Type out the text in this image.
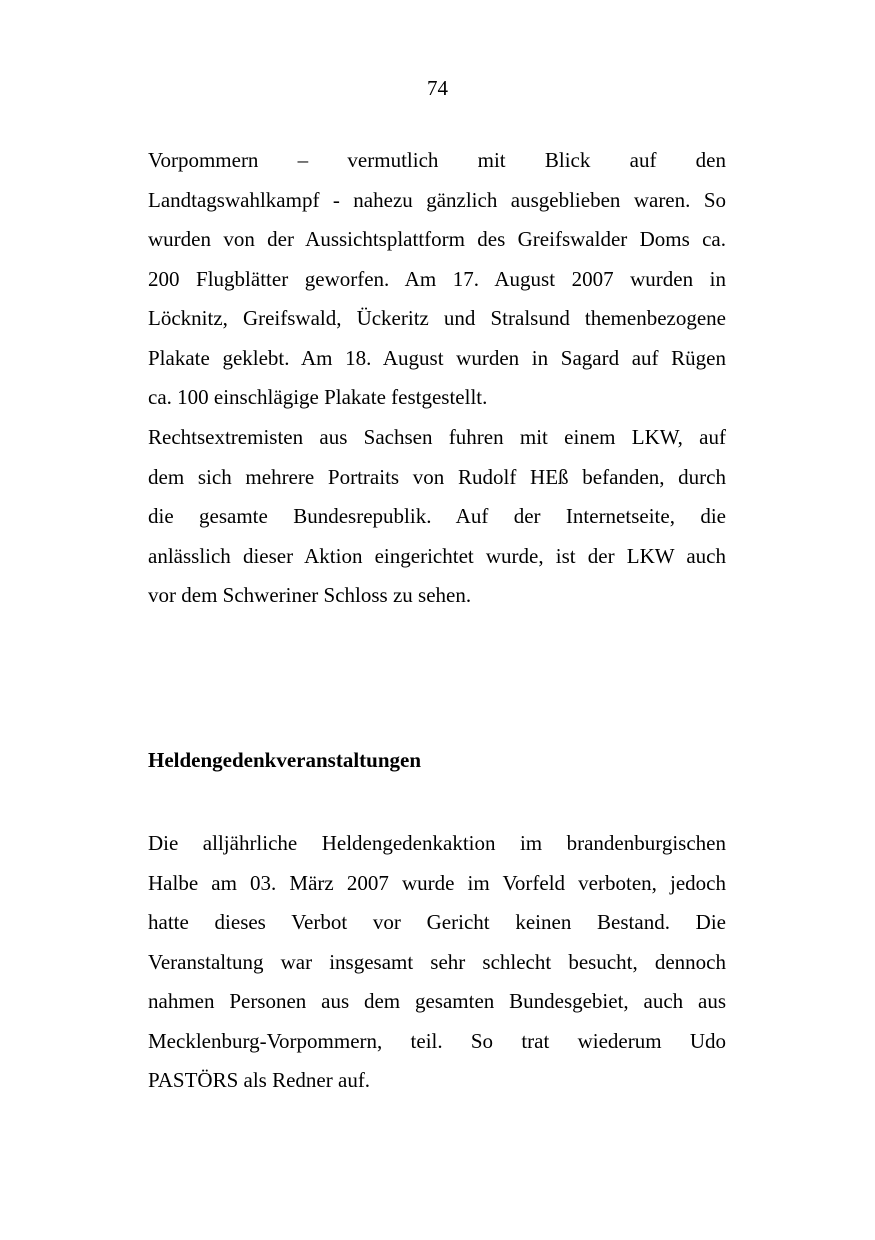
74
Vorpommern – vermutlich mit Blick auf den
Landtagswahlkampf - nahezu gänzlich ausgeblieben waren. So
wurden von der Aussichtsplattform des Greifswalder Doms ca.
200 Flugblätter geworfen. Am 17. August 2007 wurden in
Löcknitz, Greifswald, Ückeritz und Stralsund themenbezogene
Plakate geklebt. Am 18. August wurden in Sagard auf Rügen
ca. 100 einschlägige Plakate festgestellt.
Rechtsextremisten aus Sachsen fuhren mit einem LKW, auf
dem sich mehrere Portraits von Rudolf HEß befanden, durch
die gesamte Bundesrepublik. Auf der Internetseite, die
anlässlich dieser Aktion eingerichtet wurde, ist der LKW auch
vor dem Schweriner Schloss zu sehen.
Heldengedenkveranstaltungen
Die alljährliche Heldengedenkaktion im brandenburgischen
Halbe am 03. März 2007 wurde im Vorfeld verboten, jedoch
hatte dieses Verbot vor Gericht keinen Bestand. Die
Veranstaltung war insgesamt sehr schlecht besucht, dennoch
nahmen Personen aus dem gesamten Bundesgebiet, auch aus
Mecklenburg-Vorpommern, teil. So trat wiederum Udo
PASTÖRS als Redner auf.
